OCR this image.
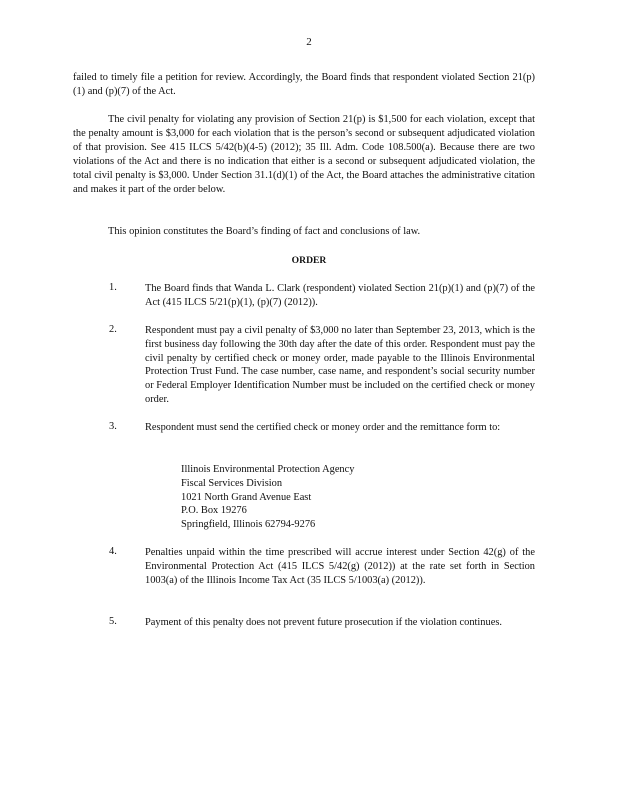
2

failed to timely file a petition for review. Accordingly, the Board finds that respondent violated Section 21(p)(1) and (p)(7) of the Act.

The civil penalty for violating any provision of Section 21(p) is $1,500 for each violation, except that the penalty amount is $3,000 for each violation that is the person’s second or subsequent adjudicated violation of that provision. See 415 ILCS 5/42(b)(4-5) (2012); 35 Ill. Adm. Code 108.500(a). Because there are two violations of the Act and there is no indication that either is a second or subsequent adjudicated violation, the total civil penalty is $3,000. Under Section 31.1(d)(1) of the Act, the Board attaches the administrative citation and makes it part of the order below.

This opinion constitutes the Board’s finding of fact and conclusions of law.

ORDER
1.	The Board finds that Wanda L. Clark (respondent) violated Section 21(p)(1) and (p)(7) of the Act (415 ILCS 5/21(p)(1), (p)(7) (2012)).

2.	Respondent must pay a civil penalty of $3,000 no later than September 23, 2013, which is the first business day following the 30th day after the date of this order. Respondent must pay the civil penalty by certified check or money order, made payable to the Illinois Environmental Protection Trust Fund. The case number, case name, and respondent’s social security number or Federal Employer Identification Number must be included on the certified check or money order.

3.	Respondent must send the certified check or money order and the remittance form to:

Illinois Environmental Protection Agency
Fiscal Services Division
1021 North Grand Avenue East
P.O. Box 19276
Springfield, Illinois 62794-9276
4.	Penalties unpaid within the time prescribed will accrue interest under Section 42(g) of the Environmental Protection Act (415 ILCS 5/42(g) (2012)) at the rate set forth in Section 1003(a) of the Illinois Income Tax Act (35 ILCS 5/1003(a) (2012)).

5.	Payment of this penalty does not prevent future prosecution if the violation continues.
